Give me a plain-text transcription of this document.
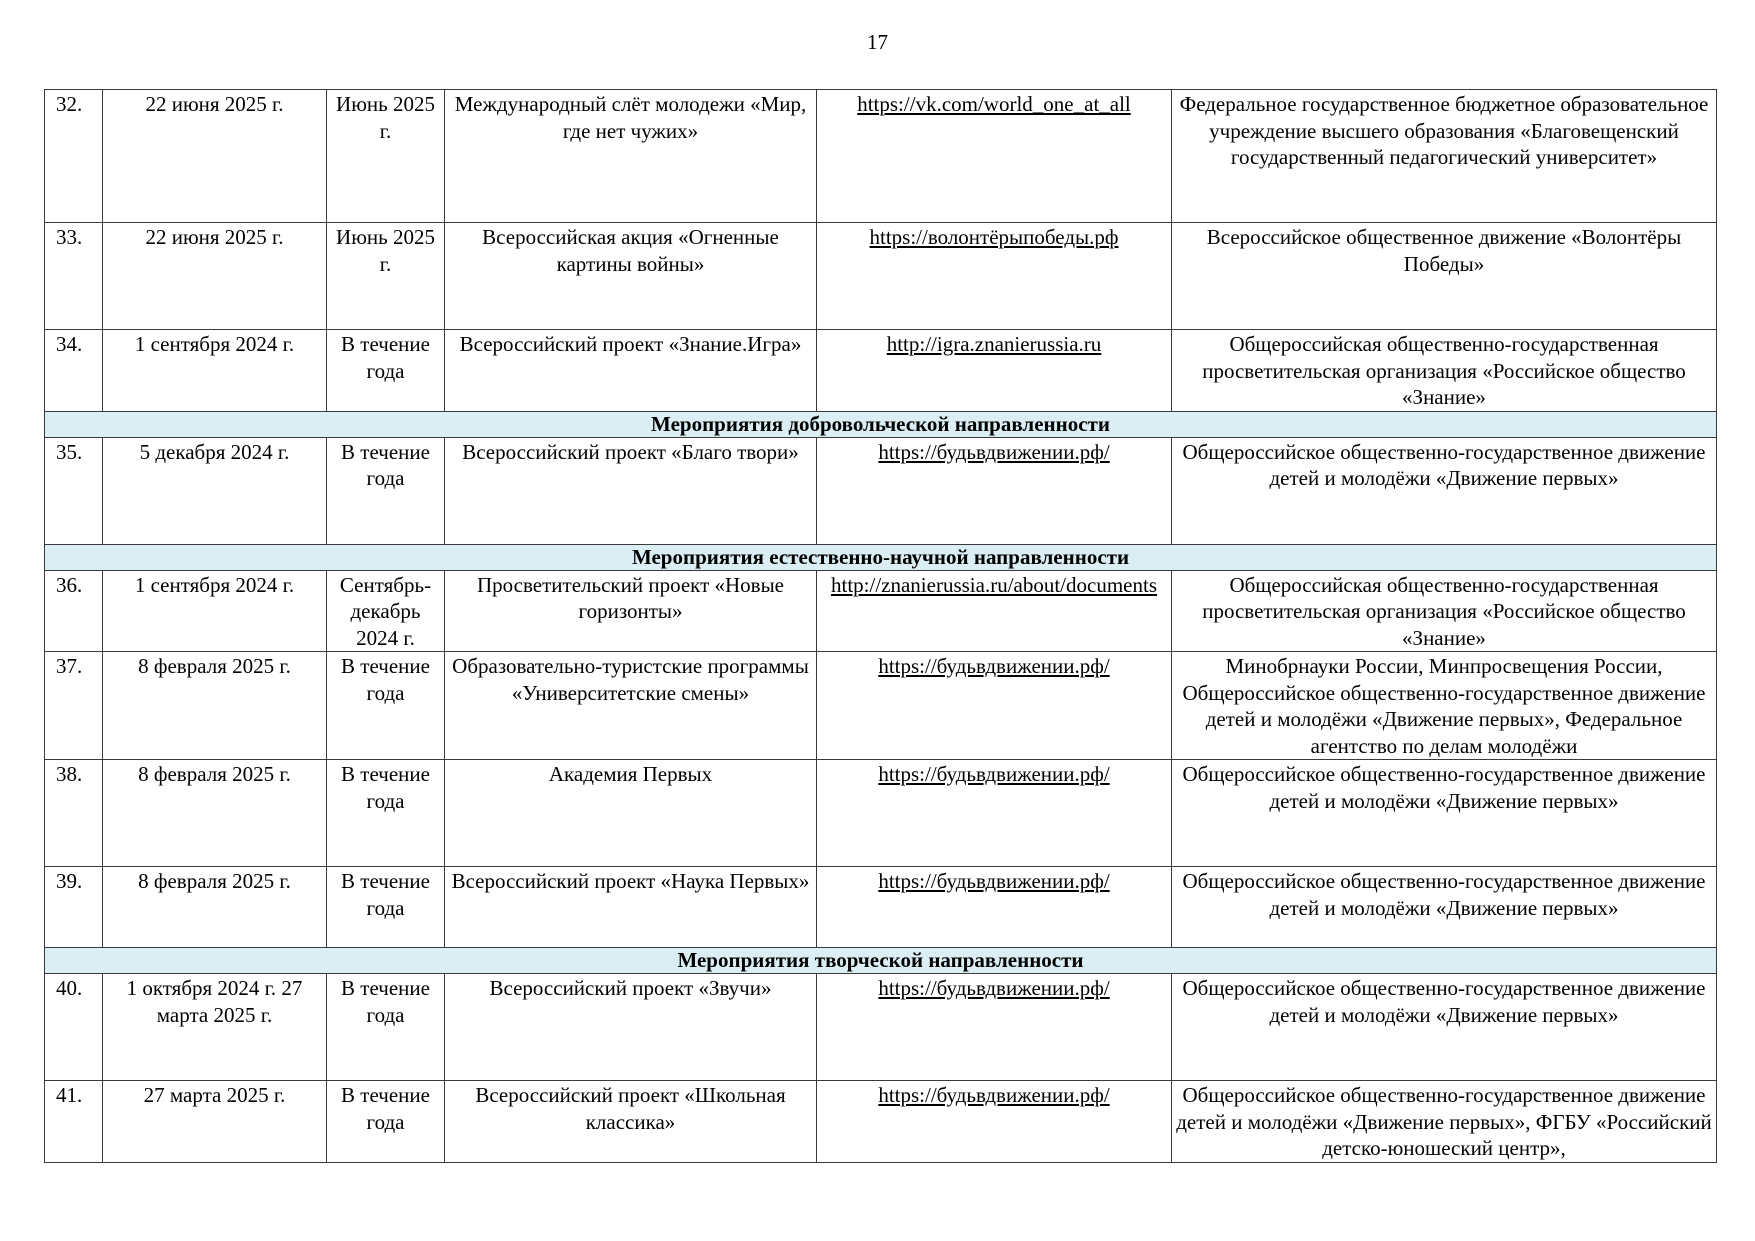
17
32.	22 июня 2025 г.	Июнь 2025 г.	Международный слёт молодежи «Мир, где нет чужих»	https://vk.com/world_one_at_all	Федеральное государственное бюджетное образовательное учреждение высшего образования «Благовещенский государственный педагогический университет»
33.	22 июня 2025 г.	Июнь 2025 г.	Всероссийская акция «Огненные картины войны»	https://волонтёрыпобеды.рф	Всероссийское общественное движение «Волонтёры Победы»
34.	1 сентября 2024 г.	В течение года	Всероссийский проект «Знание.Игра»	http://igra.znanierussia.ru	Общероссийская общественно-государственная просветительская организация «Российское общество «Знание»
Мероприятия добровольческой направленности					
35.	5 декабря 2024 г.	В течение года	Всероссийский проект «Благо твори»	https://будьвдвижении.рф/	Общероссийское общественно-государственное движение детей и молодёжи «Движение первых»
Мероприятия естественно-научной направленности					
36.	1 сентября 2024 г.	Сентябрь-декабрь 2024 г.	Просветительский проект «Новые горизонты»	http://znanierussia.ru/about/documents	Общероссийская общественно-государственная просветительская организация «Российское общество «Знание»
37.	8 февраля 2025 г.	В течение года	Образовательно-туристские программы «Университетские смены»	https://будьвдвижении.рф/	Минобрнауки России, Минпросвещения России, Общероссийское общественно-государственное движение детей и молодёжи «Движение первых», Федеральное агентство по делам молодёжи
38.	8 февраля 2025 г.	В течение года	Академия Первых	https://будьвдвижении.рф/	Общероссийское общественно-государственное движение детей и молодёжи «Движение первых»
39.	8 февраля 2025 г.	В течение года	Всероссийский проект «Наука Первых»	https://будьвдвижении.рф/	Общероссийское общественно-государственное движение детей и молодёжи «Движение первых»
Мероприятия творческой направленности					
40.	1 октября 2024 г. 27 марта 2025 г.	В течение года	Всероссийский проект «Звучи»	https://будьвдвижении.рф/	Общероссийское общественно-государственное движение детей и молодёжи «Движение первых»
41.	27 марта 2025 г.	В течение года	Всероссийский проект «Школьная классика»	https://будьвдвижении.рф/	Общероссийское общественно-государственное движение детей и молодёжи «Движение первых», ФГБУ «Российский детско-юношеский центр»,
